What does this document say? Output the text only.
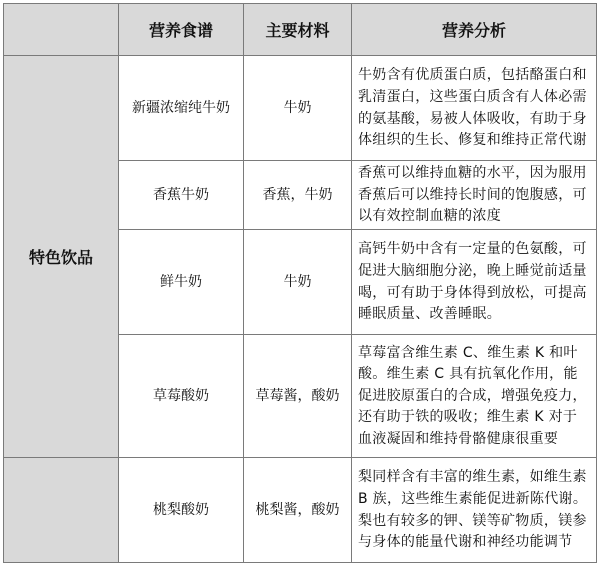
	营养食谱	主要材料	营养分析
特色饮品	新疆浓缩纯牛奶	牛奶	牛奶含有优质蛋白质，包括酪蛋白和乳清蛋白，这些蛋白质含有人体必需的氨基酸，易被人体吸收，有助于身体组织的生长、修复和维持正常代谢
	香蕉牛奶	香蕉，牛奶	香蕉可以维持血糖的水平，因为服用香蕉后可以维持长时间的饱腹感，可以有效控制血糖的浓度
	鲜牛奶	牛奶	高钙牛奶中含有一定量的色氨酸，可促进大脑细胞分泌，晚上睡觉前适量喝，可有助于身体得到放松，可提高睡眠质量、改善睡眠。
	草莓酸奶	草莓酱，酸奶	草莓富含维生素 C、维生素 K 和叶酸。维生素 C 具有抗氧化作用，能促进胶原蛋白的合成，增强免疫力，还有助于铁的吸收；维生素 K 对于血液凝固和维持骨骼健康很重要
	桃梨酸奶	桃梨酱，酸奶	梨同样含有丰富的维生素，如维生素 B 族，这些维生素能促进新陈代谢。梨也有较多的钾、镁等矿物质，镁参与身体的能量代谢和神经功能调节
